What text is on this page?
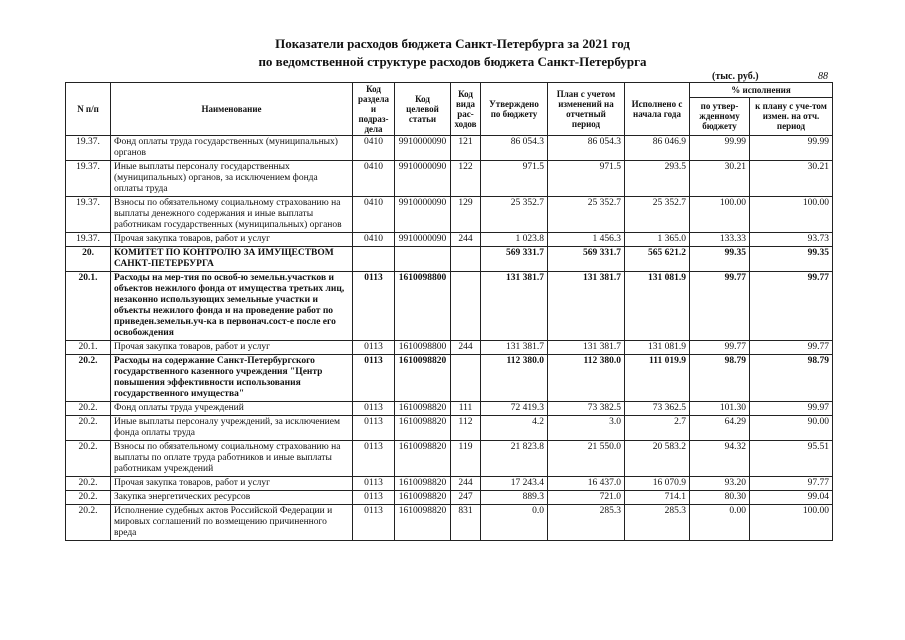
Показатели расходов бюджета Санкт-Петербурга за 2021 год
по ведомственной структуре расходов бюджета Санкт-Петербурга
(тыс. руб.)	88
N п/п	Наименование	Код раздела и подраз-дела	Код целевой статьи	Код вида рас-ходов	Утверждено по бюджету	План с учетом изменений на отчетный период	Исполнено с начала года	% исполнения	
								по утвер-жденному бюджету	к плану с уче-том измен. на отч. период
19.37.	Фонд оплаты труда государственных (муниципальных) органов	0410	9910000090	121	86 054.3	86 054.3	86 046.9	99.99	99.99
19.37.	Иные выплаты персоналу государственных (муниципальных) органов, за исключением фонда оплаты труда	0410	9910000090	122	971.5	971.5	293.5	30.21	30.21
19.37.	Взносы по обязательному социальному страхованию на выплаты денежного содержания и иные выплаты работникам государственных (муниципальных) органов	0410	9910000090	129	25 352.7	25 352.7	25 352.7	100.00	100.00
19.37.	Прочая закупка товаров, работ и услуг	0410	9910000090	244	1 023.8	1 456.3	1 365.0	133.33	93.73
20.	КОМИТЕТ ПО КОНТРОЛЮ ЗА ИМУЩЕСТВОМ САНКТ-ПЕТЕРБУРГА				569 331.7	569 331.7	565 621.2	99.35	99.35
20.1.	Расходы на мер-тия по освоб-ю земельн.участков и объектов нежилого фонда от имущества третьих лиц, незаконно использующих земельные участки и объекты нежилого фонда и на проведение работ по приведен.земельн.уч-ка в первонач.сост-е после его освобождения	0113	1610098800		131 381.7	131 381.7	131 081.9	99.77	99.77
20.1.	Прочая закупка товаров, работ и услуг	0113	1610098800	244	131 381.7	131 381.7	131 081.9	99.77	99.77
20.2.	Расходы на содержание Санкт-Петербургского государственного казенного учреждения "Центр повышения эффективности использования государственного имущества"	0113	1610098820		112 380.0	112 380.0	111 019.9	98.79	98.79
20.2.	Фонд оплаты труда учреждений	0113	1610098820	111	72 419.3	73 382.5	73 362.5	101.30	99.97
20.2.	Иные выплаты персоналу учреждений, за исключением фонда оплаты труда	0113	1610098820	112	4.2	3.0	2.7	64.29	90.00
20.2.	Взносы по обязательному социальному страхованию на выплаты по оплате труда работников и иные выплаты работникам учреждений	0113	1610098820	119	21 823.8	21 550.0	20 583.2	94.32	95.51
20.2.	Прочая закупка товаров, работ и услуг	0113	1610098820	244	17 243.4	16 437.0	16 070.9	93.20	97.77
20.2.	Закупка энергетических ресурсов	0113	1610098820	247	889.3	721.0	714.1	80.30	99.04
20.2.	Исполнение судебных актов Российской Федерации и мировых соглашений по возмещению причиненного вреда	0113	1610098820	831	0.0	285.3	285.3	0.00	100.00
